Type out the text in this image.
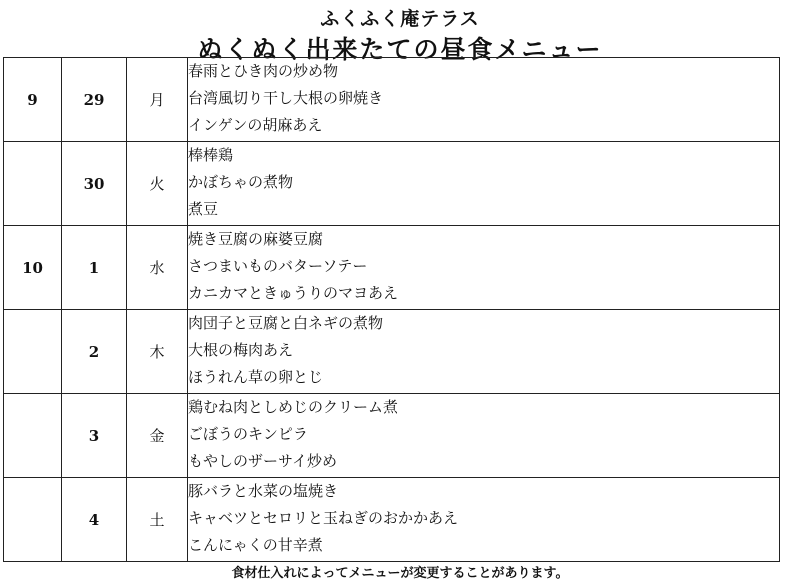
ふくふく庵テラス
ぬくぬく出来たての昼食メニュー
9	29	月	春雨とひき肉の炒め物
台湾風切り干し大根の卵焼き
インゲンの胡麻あえ

	30	火	棒棒鶏
かぼちゃの煮物
煮豆

10	1	水	焼き豆腐の麻婆豆腐
さつまいものバターソテー
カニカマときゅうりのマヨあえ

	2	木	肉団子と豆腐と白ネギの煮物
大根の梅肉あえ
ほうれん草の卵とじ

	3	金	鶏むね肉としめじのクリーム煮
ごぼうのキンピラ
もやしのザーサイ炒め

	4	土	豚バラと水菜の塩焼き
キャベツとセロリと玉ねぎのおかかあえ
こんにゃくの甘辛煮
食材仕入れによってメニューが変更することがあります。
